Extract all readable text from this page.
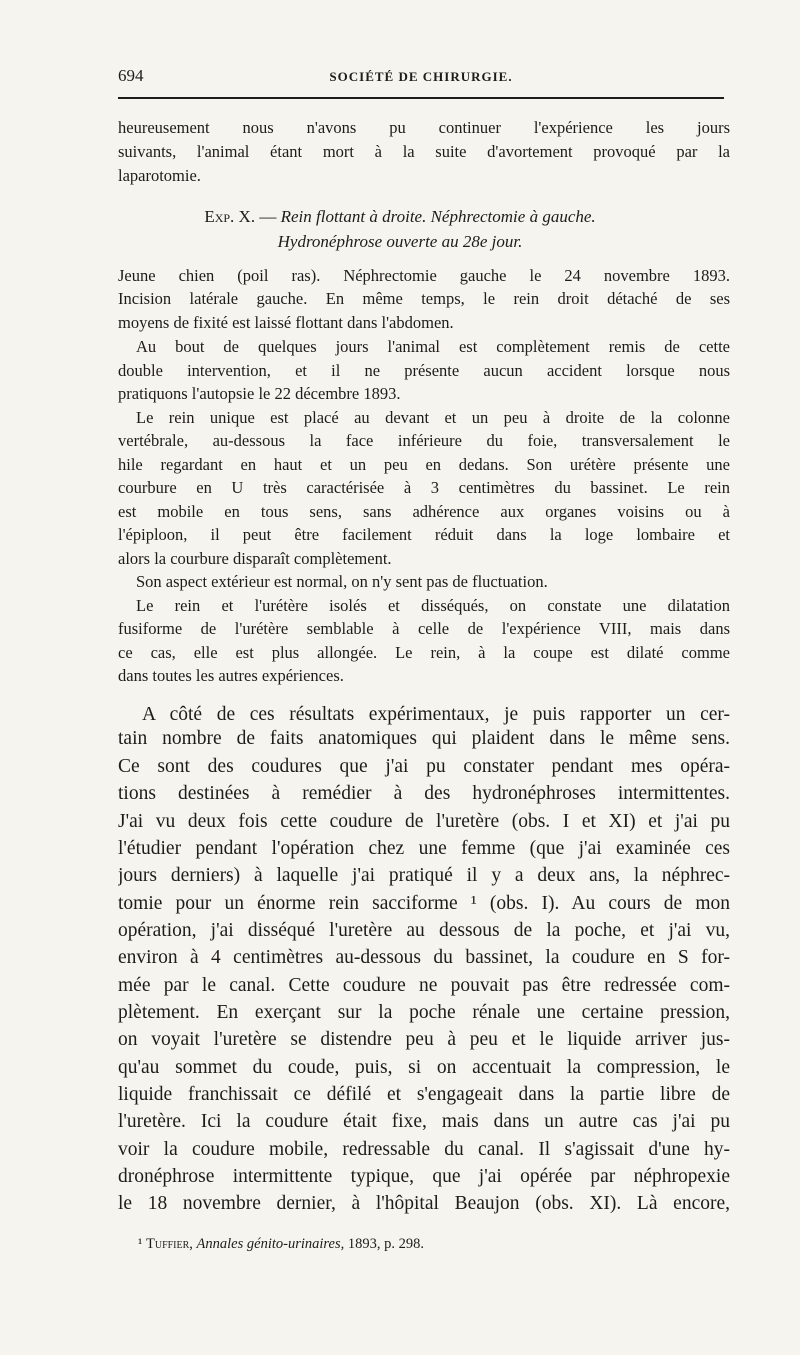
694	SOCIÉTÉ DE CHIRURGIE.
heureusement nous n'avons pu continuer l'expérience les jours
suivants, l'animal étant mort à la suite d'avortement provoqué par la
laparotomie.
Exp. X. — Rein flottant à droite. Néphrectomie à gauche.
Hydronéphrose ouverte au 28e jour.
Jeune chien (poil ras). Néphrectomie gauche le 24 novembre 1893.
Incision latérale gauche. En même temps, le rein droit détaché de ses
moyens de fixité est laissé flottant dans l'abdomen.
Au bout de quelques jours l'animal est complètement remis de cette
double intervention, et il ne présente aucun accident lorsque nous
pratiquons l'autopsie le 22 décembre 1893.
Le rein unique est placé au devant et un peu à droite de la colonne
vertébrale, au-dessous la face inférieure du foie, transversalement le
hile regardant en haut et un peu en dedans. Son urétère présente une
courbure en U très caractérisée à 3 centimètres du bassinet. Le rein
est mobile en tous sens, sans adhérence aux organes voisins ou à
l'épiploon, il peut être facilement réduit dans la loge lombaire et
alors la courbure disparaît complètement.
Son aspect extérieur est normal, on n'y sent pas de fluctuation.
Le rein et l'urétère isolés et disséqués, on constate une dilatation
fusiforme de l'urétère semblable à celle de l'expérience VIII, mais dans
ce cas, elle est plus allongée. Le rein, à la coupe est dilaté comme
dans toutes les autres expériences.
A côté de ces résultats expérimentaux, je puis rapporter un cer-
tain nombre de faits anatomiques qui plaident dans le même sens.
Ce sont des coudures que j'ai pu constater pendant mes opéra-
tions destinées à remédier à des hydronéphroses intermittentes.
J'ai vu deux fois cette coudure de l'uretère (obs. I et XI) et j'ai pu
l'étudier pendant l'opération chez une femme (que j'ai examinée ces
jours derniers) à laquelle j'ai pratiqué il y a deux ans, la néphrec-
tomie pour un énorme rein sacciforme ¹ (obs. I). Au cours de mon
opération, j'ai disséqué l'uretère au dessous de la poche, et j'ai vu,
environ à 4 centimètres au-dessous du bassinet, la coudure en S for-
mée par le canal. Cette coudure ne pouvait pas être redressée com-
plètement. En exerçant sur la poche rénale une certaine pression,
on voyait l'uretère se distendre peu à peu et le liquide arriver jus-
qu'au sommet du coude, puis, si on accentuait la compression, le
liquide franchissait ce défilé et s'engageait dans la partie libre de
l'uretère. Ici la coudure était fixe, mais dans un autre cas j'ai pu
voir la coudure mobile, redressable du canal. Il s'agissait d'une hy-
dronéphrose intermittente typique, que j'ai opérée par néphropexie
le 18 novembre dernier, à l'hôpital Beaujon (obs. XI). Là encore,
¹ Tuffier, Annales génito-urinaires, 1893, p. 298.
